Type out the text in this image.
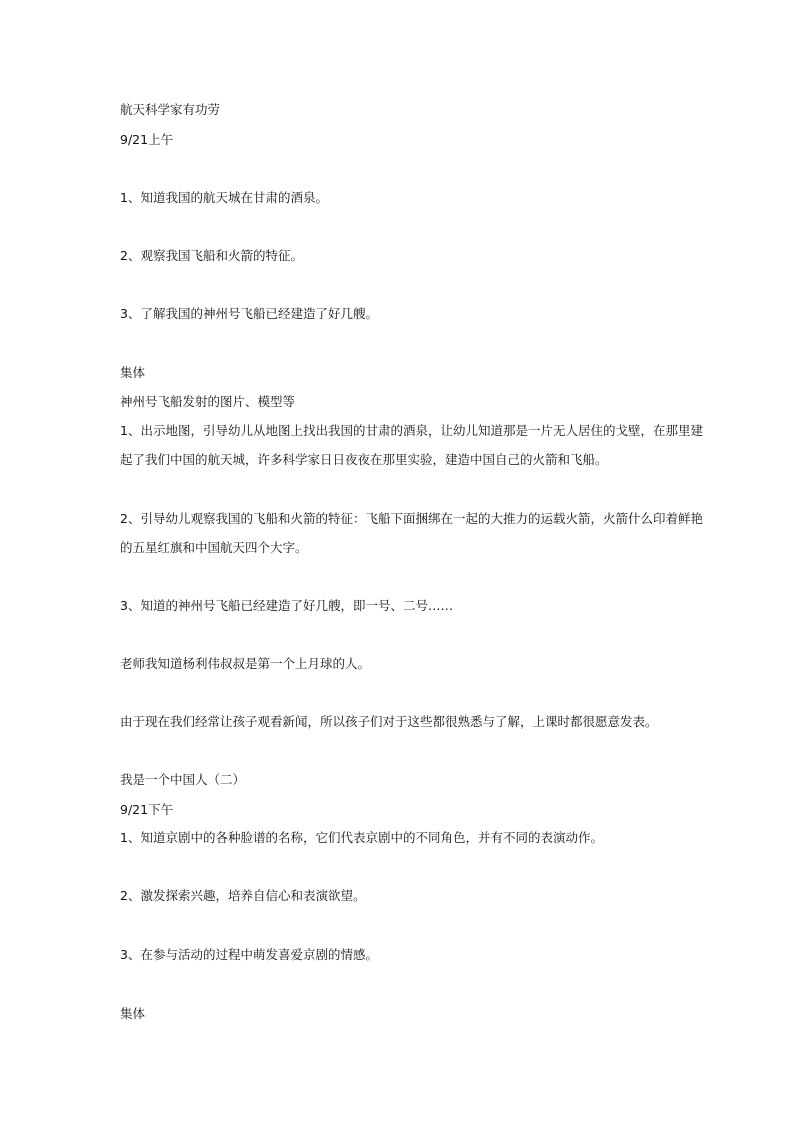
航天科学家有功劳

9/21上午

1、知道我国的航天城在甘肃的酒泉。

2、观察我国飞船和火箭的特征。

3、了解我国的神州号飞船已经建造了好几艘。

集体

神州号飞船发射的图片、模型等

1、出示地图，引导幼儿从地图上找出我国的甘肃的酒泉，让幼儿知道那是一片无人居住的戈壁，在那里建

起了我们中国的航天城，许多科学家日日夜夜在那里实验，建造中国自己的火箭和飞船。

2、引导幼儿观察我国的飞船和火箭的特征：飞船下面捆绑在一起的大推力的运载火箭，火箭什么印着鲜艳

的五星红旗和中国航天四个大字。

3、知道的神州号飞船已经建造了好几艘，即一号、二号……

老师我知道杨利伟叔叔是第一个上月球的人。

由于现在我们经常让孩子观看新闻，所以孩子们对于这些都很熟悉与了解，上课时都很愿意发表。

我是一个中国人（二）

9/21下午

1、知道京剧中的各种脸谱的名称，它们代表京剧中的不同角色，并有不同的表演动作。

2、激发探索兴趣，培养自信心和表演欲望。

3、在参与活动的过程中萌发喜爱京剧的情感。

集体
